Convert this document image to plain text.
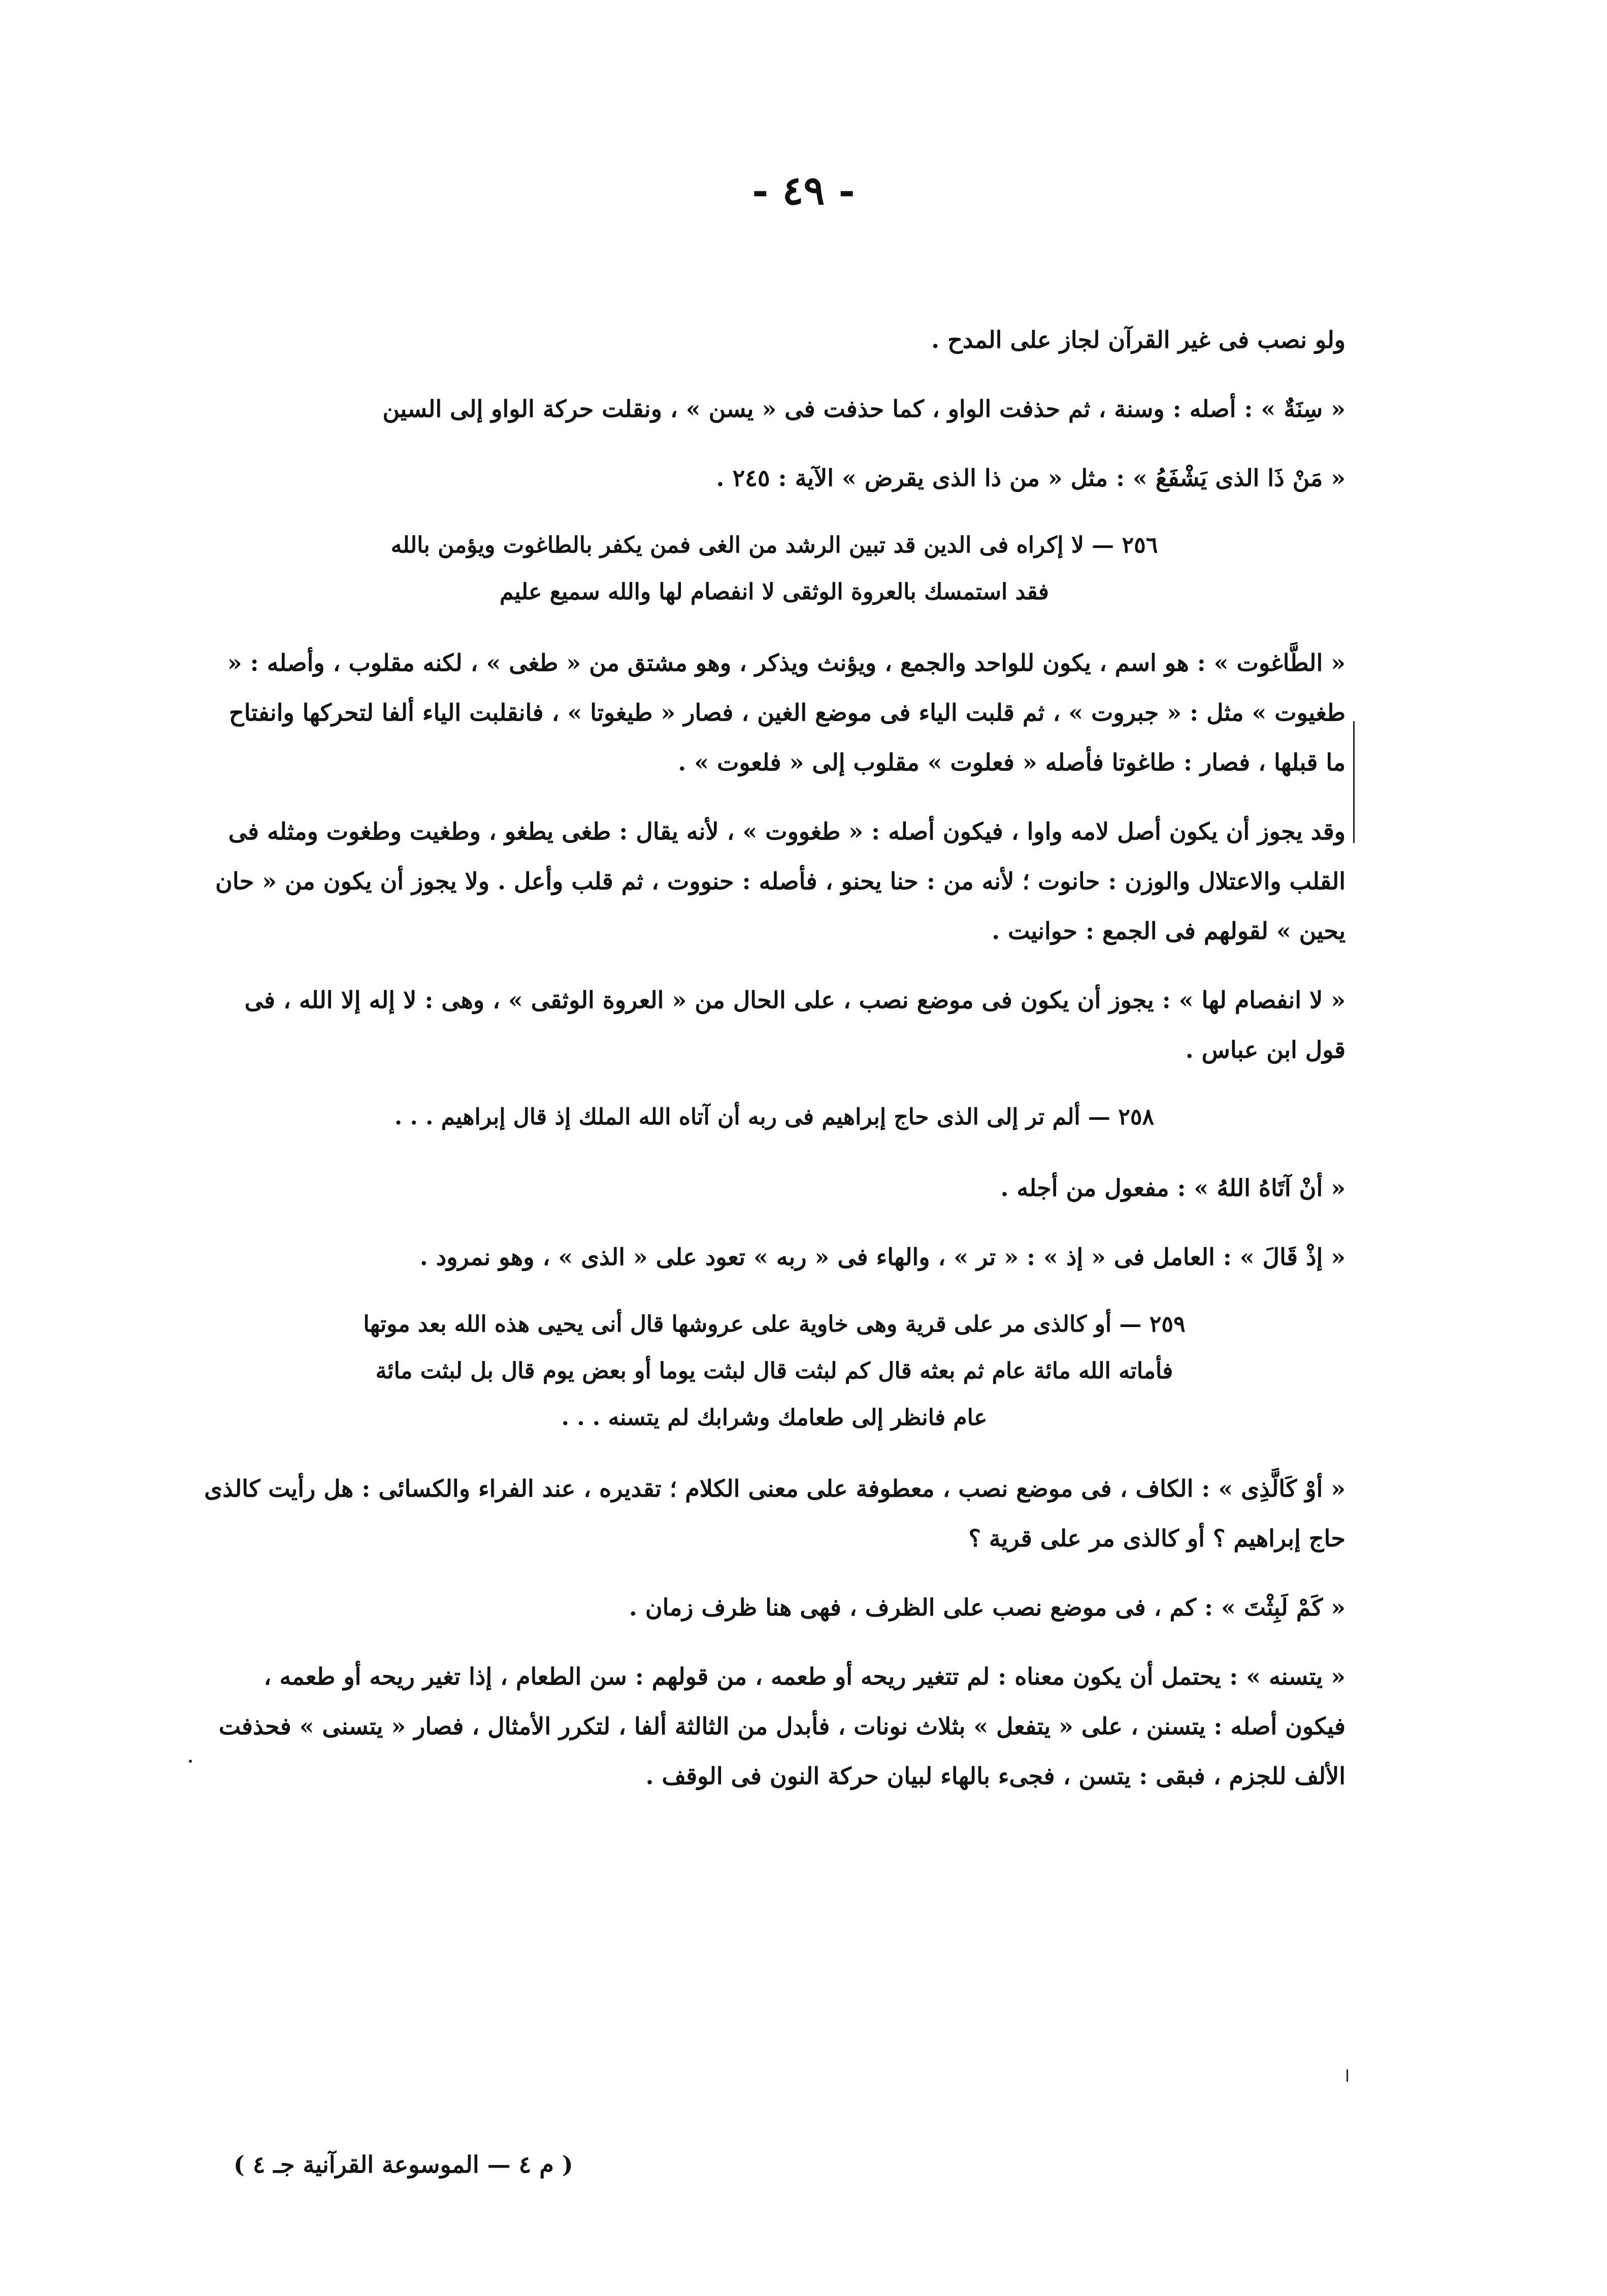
- ٤٩ -

ولو نصب فى غير القرآن لجاز على المدح .

« سِنَةٌ » : أصله : وسنة ، ثم حذفت الواو ، كما حذفت فى « يسن » ، ونقلت حركة الواو إلى السين

« مَنْ ذَا الذى يَشْفَعُ » : مثل « من ذا الذى يقرض » الآية : ٢٤٥ .

٢٥٦ — لا إكراه فى الدين قد تبين الرشد من الغى فمن يكفر بالطاغوت ويؤمن بالله
فقد استمسك بالعروة الوثقى لا انفصام لها والله سميع عليم

« الطَّاغوت » : هو اسم ، يكون للواحد والجمع ، ويؤنث ويذكر ، وهو مشتق من « طغى » ، لكنه مقلوب ، وأصله : « طغيوت » مثل : « جبروت » ، ثم قلبت الياء فى موضع الغين ، فصار « طيغوتا » ، فانقلبت الياء ألفا لتحركها وانفتاح ما قبلها ، فصار : طاغوتا فأصله « فعلوت » مقلوب إلى « فلعوت » .

وقد يجوز أن يكون أصل لامه واوا ، فيكون أصله : « طغووت » ، لأنه يقال : طغى يطغو ، وطغيت وطغوت ومثله فى القلب والاعتلال والوزن : حانوت ؛ لأنه من : حنا يحنو ، فأصله : حنووت ، ثم قلب وأعل . ولا يجوز أن يكون من « حان يحين » لقولهم فى الجمع : حوانيت .

« لا انفصام لها » : يجوز أن يكون فى موضع نصب ، على الحال من « العروة الوثقى » ، وهى : لا إله إلا الله ، فى قول ابن عباس .

٢٥٨ — ألم تر إلى الذى حاج إبراهيم فى ربه أن آتاه الله الملك إذ قال إبراهيم . . .

« أنْ آتَاهُ اللهُ » : مفعول من أجله .

« إذْ قَالَ » : العامل فى « إذ » : « تر » ، والهاء فى « ربه » تعود على « الذى » ، وهو نمرود .

٢٥٩ — أو كالذى مر على قرية وهى خاوية على عروشها قال أنى يحيى هذه الله بعد موتها
فأماته الله مائة عام ثم بعثه قال كم لبثت قال لبثت يوما أو بعض يوم قال بل لبثت مائة
عام فانظر إلى طعامك وشرابك لم يتسنه . . .

« أوْ كَالَّذِى » : الكاف ، فى موضع نصب ، معطوفة على معنى الكلام ؛ تقديره ، عند الفراء والكسائى : هل رأيت كالذى حاج إبراهيم ؟ أو كالذى مر على قرية ؟

« كَمْ لَبِثْتَ » : كم ، فى موضع نصب على الظرف ، فهى هنا ظرف زمان .

« يتسنه » : يحتمل أن يكون معناه : لم تتغير ريحه أو طعمه ، من قولهم : سن الطعام ، إذا تغير ريحه أو طعمه ، فيكون أصله : يتسنن ، على « يتفعل » بثلاث نونات ، فأبدل من الثالثة ألفا ، لتكرر الأمثال ، فصار « يتسنى » فحذفت الألف للجزم ، فبقى : يتسن ، فجىء بالهاء لبيان حركة النون فى الوقف .

( م ٤ — الموسوعة القرآنية جـ ٤ )
